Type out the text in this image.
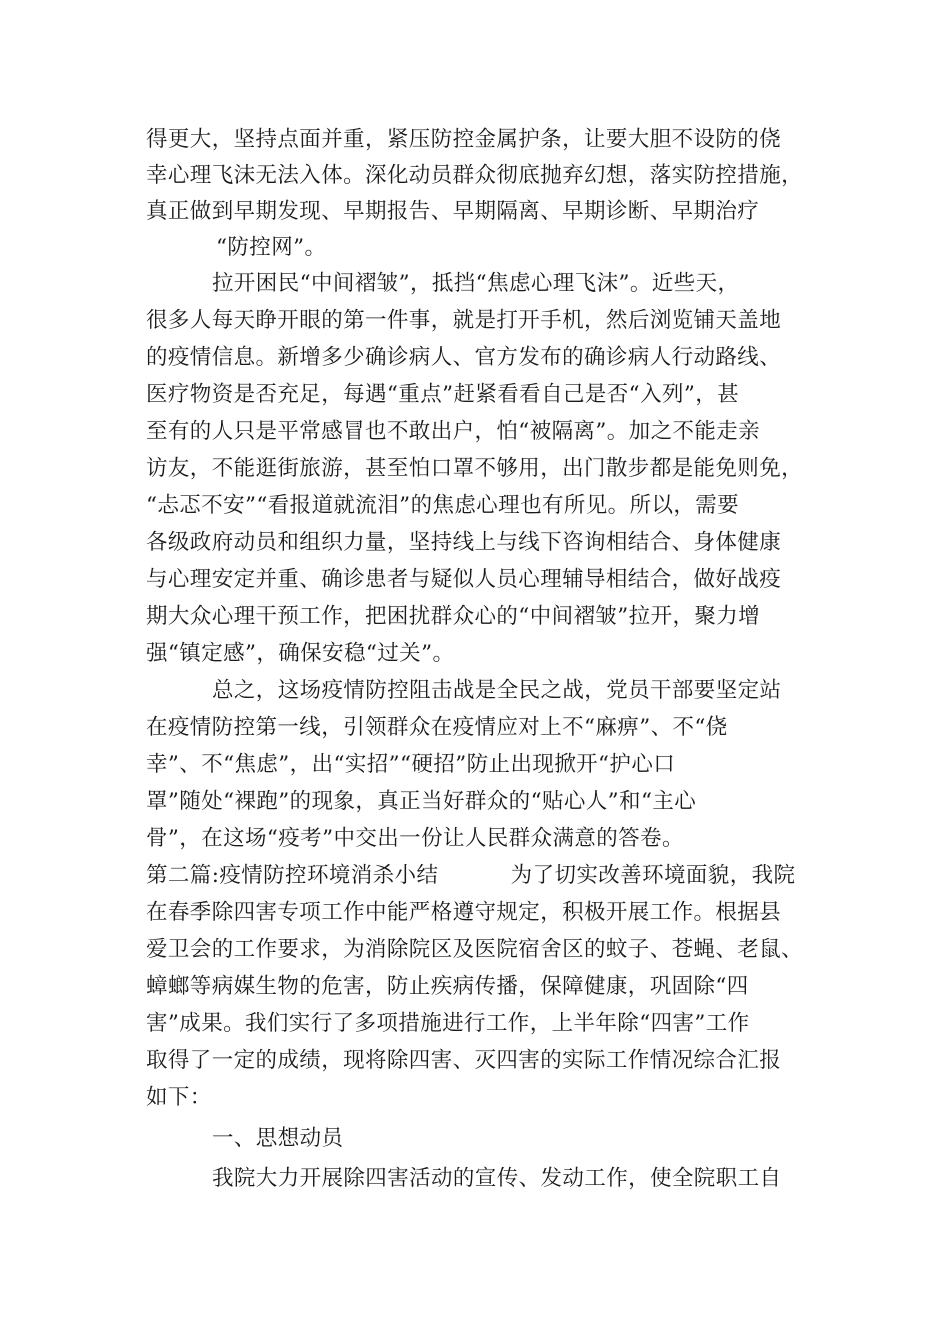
得更大，坚持点面并重，紧压防控金属护条，让要大胆不设防的侥
幸心理飞沫无法入体。深化动员群众彻底抛弃幻想，落实防控措施，
真正做到早期发现、早期报告、早期隔离、早期诊断、早期治疗
“防控网”。
拉开困民“中间褶皱”，抵挡“焦虑心理飞沫”。近些天，
很多人每天睁开眼的第一件事，就是打开手机，然后浏览铺天盖地
的疫情信息。新增多少确诊病人、官方发布的确诊病人行动路线、
医疗物资是否充足，每遇“重点”赶紧看看自己是否“入列”，甚
至有的人只是平常感冒也不敢出户，怕“被隔离”。加之不能走亲
访友，不能逛街旅游，甚至怕口罩不够用，出门散步都是能免则免，
“忐忑不安”“看报道就流泪”的焦虑心理也有所见。所以，需要
各级政府动员和组织力量，坚持线上与线下咨询相结合、身体健康
与心理安定并重、确诊患者与疑似人员心理辅导相结合，做好战疫
期大众心理干预工作，把困扰群众心的“中间褶皱”拉开，聚力增
强“镇定感”，确保安稳“过关”。
总之，这场疫情防控阻击战是全民之战，党员干部要坚定站
在疫情防控第一线，引领群众在疫情应对上不“麻痹”、不“侥
幸”、不“焦虑”，出“实招”“硬招”防止出现掀开“护心口
罩”随处“裸跑”的现象，真正当好群众的“贴心人”和“主心
骨”，在这场“疫考”中交出一份让人民群众满意的答卷。
第二篇:疫情防控环境消杀小结          为了切实改善环境面貌，我院
在春季除四害专项工作中能严格遵守规定，积极开展工作。根据县
爱卫会的工作要求，为消除院区及医院宿舍区的蚊子、苍蝇、老鼠、
蟑螂等病媒生物的危害，防止疾病传播，保障健康，巩固除“四
害”成果。我们实行了多项措施进行工作，上半年除“四害”工作
取得了一定的成绩，现将除四害、灭四害的实际工作情况综合汇报
如下：
一、思想动员
我院大力开展除四害活动的宣传、发动工作，使全院职工自
